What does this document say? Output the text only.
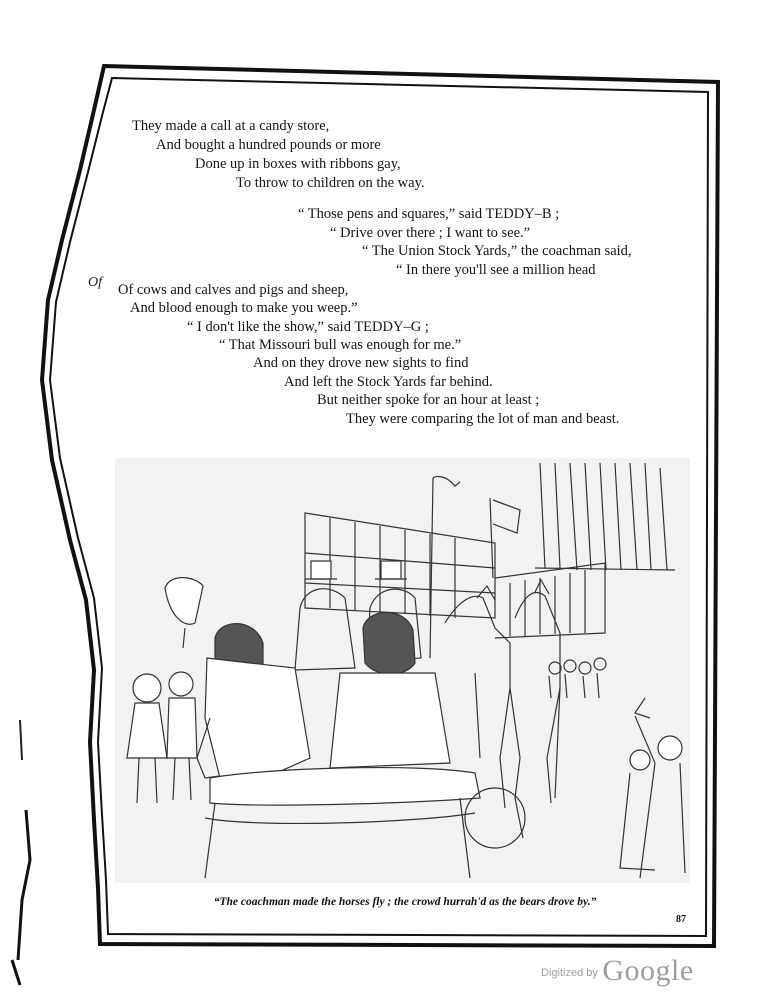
They made a call at a candy store,
And bought a hundred pounds or more
Done up in boxes with ribbons gay,
To throw to children on the way.
“ Those pens and squares,” said TEDDY–B ;
“ Drive over there ; I want to see.”
“ The Union Stock Yards,” the coachman said,
“ In there you'll see a million head
Of cows and calves and pigs and sheep,
And blood enough to make you weep.”
“ I don't like the show,” said TEDDY–G ;
“ That Missouri bull was enough for me.”
And on they drove new sights to find
And left the Stock Yards far behind.
But neither spoke for an hour at least ;
They were comparing the lot of man and beast.
Of
“The coachman made the horses fly ; the crowd hurrah'd as the bears drove by.”
87
$^{Digitized by}$ Google
